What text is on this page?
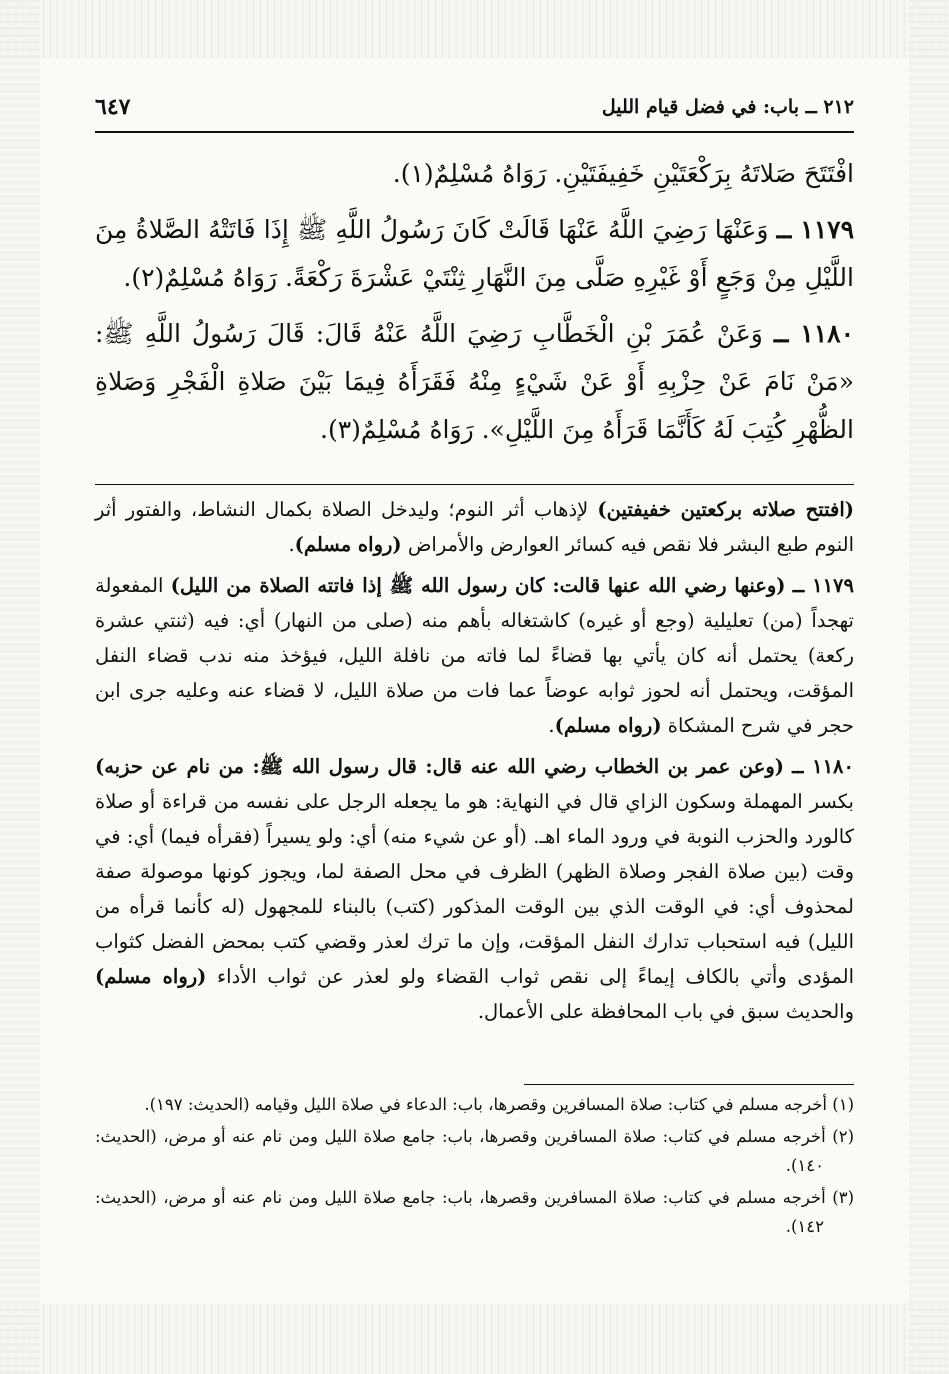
٢١٢ ــ باب: في فضل قيام الليل
٦٤٧

افْتَتَحَ صَلاتَهُ بِرَكْعَتَيْنِ خَفِيفَتَيْنِ. رَوَاهُ مُسْلِمٌ(١).

١١٧٩ ــ وَعَنْهَا رَضِيَ اللَّهُ عَنْهَا قَالَتْ كَانَ رَسُولُ اللَّهِ ﷺ إِذَا فَاتَتْهُ الصَّلاةُ مِنَ اللَّيْلِ مِنْ وَجَعٍ أَوْ غَيْرِهِ صَلَّى مِنَ النَّهَارِ ثِنْتَيْ عَشْرَةَ رَكْعَةً. رَوَاهُ مُسْلِمٌ(٢).

١١٨٠ ــ وَعَنْ عُمَرَ بْنِ الْخَطَّابِ رَضِيَ اللَّهُ عَنْهُ قَالَ: قَالَ رَسُولُ اللَّهِ ﷺ: «مَنْ نَامَ عَنْ حِزْبِهِ أَوْ عَنْ شَيْءٍ مِنْهُ فَقَرَأَهُ فِيمَا بَيْنَ صَلاةِ الْفَجْرِ وَصَلاةِ الظُّهْرِ كُتِبَ لَهُ كَأَنَّمَا قَرَأَهُ مِنَ اللَّيْلِ». رَوَاهُ مُسْلِمٌ(٣).

(افتتح صلاته بركعتين خفيفتين) لإذهاب أثر النوم؛ وليدخل الصلاة بكمال النشاط، والفتور أثر النوم طبع البشر فلا نقص فيه كسائر العوارض والأمراض (رواه مسلم).

١١٧٩ ــ (وعنها رضي الله عنها قالت: كان رسول الله ﷺ إذا فاتته الصلاة من الليل) المفعولة تهجداً (من) تعليلية (وجع أو غيره) كاشتغاله بأهم منه (صلى من النهار) أي: فيه (ثنتي عشرة ركعة) يحتمل أنه كان يأتي بها قضاءً لما فاته من نافلة الليل، فيؤخذ منه ندب قضاء النفل المؤقت، ويحتمل أنه لحوز ثوابه عوضاً عما فات من صلاة الليل، لا قضاء عنه وعليه جرى ابن حجر في شرح المشكاة (رواه مسلم).

١١٨٠ ــ (وعن عمر بن الخطاب رضي الله عنه قال: قال رسول الله ﷺ: من نام عن حزبه) بكسر المهملة وسكون الزاي قال في النهاية: هو ما يجعله الرجل على نفسه من قراءة أو صلاة كالورد والحزب النوبة في ورود الماء اهـ. (أو عن شيء منه) أي: ولو يسيراً (فقرأه فيما) أي: في وقت (بين صلاة الفجر وصلاة الظهر) الظرف في محل الصفة لما، ويجوز كونها موصولة صفة لمحذوف أي: في الوقت الذي بين الوقت المذكور (كتب) بالبناء للمجهول (له كأنما قرأه من الليل) فيه استحباب تدارك النفل المؤقت، وإن ما ترك لعذر وقضي كتب بمحض الفضل كثواب المؤدى وأتي بالكاف إيماءً إلى نقص ثواب القضاء ولو لعذر عن ثواب الأداء (رواه مسلم) والحديث سبق في باب المحافظة على الأعمال.

(١) أخرجه مسلم في كتاب: صلاة المسافرين وقصرها، باب: الدعاء في صلاة الليل وقيامه (الحديث: ١٩٧).

(٢) أخرجه مسلم في كتاب: صلاة المسافرين وقصرها، باب: جامع صلاة الليل ومن نام عنه أو مرض، (الحديث: ١٤٠).

(٣) أخرجه مسلم في كتاب: صلاة المسافرين وقصرها، باب: جامع صلاة الليل ومن نام عنه أو مرض، (الحديث: ١٤٢).
